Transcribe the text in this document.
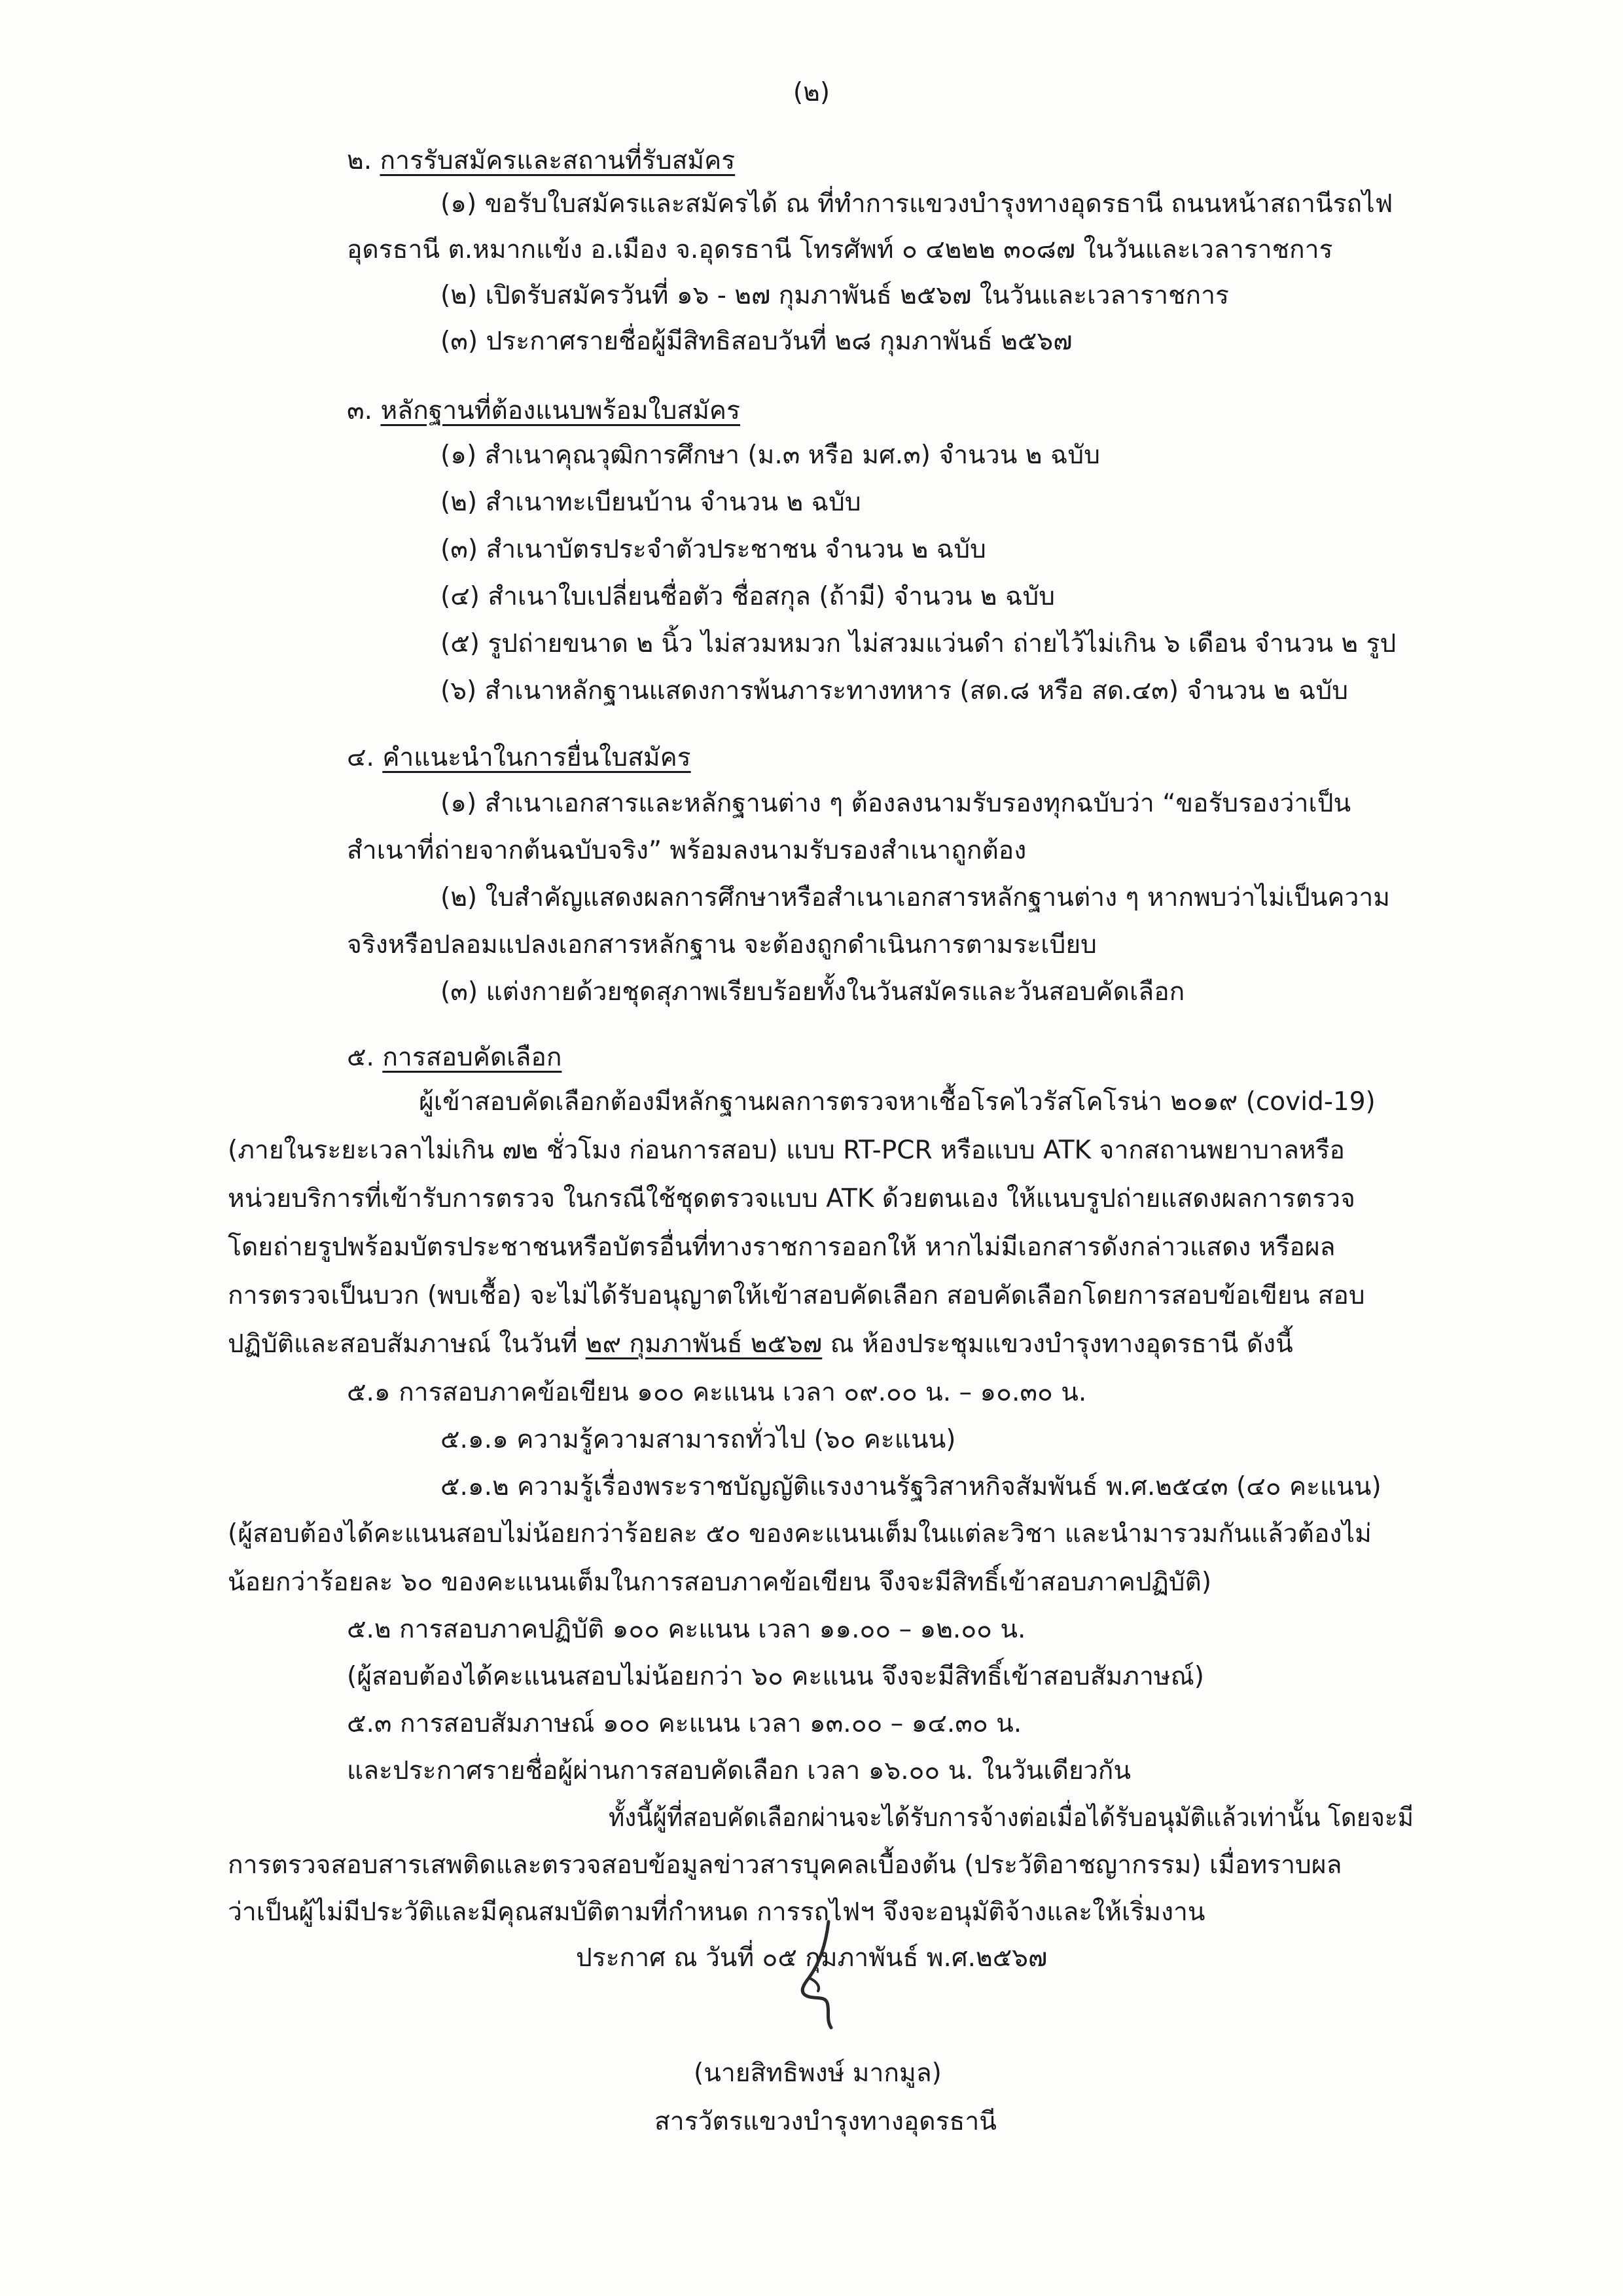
(๒)
๒. การรับสมัครและสถานที่รับสมัคร
(๑) ขอรับใบสมัครและสมัครได้ ณ ที่ทำการแขวงบำรุงทางอุดรธานี ถนนหน้าสถานีรถไฟ
อุดรธานี ต.หมากแข้ง อ.เมือง จ.อุดรธานี โทรศัพท์ ๐ ๔๒๒๒ ๓๐๘๗ ในวันและเวลาราชการ
(๒) เปิดรับสมัครวันที่ ๑๖ - ๒๗ กุมภาพันธ์ ๒๕๖๗ ในวันและเวลาราชการ
(๓) ประกาศรายชื่อผู้มีสิทธิสอบวันที่ ๒๘ กุมภาพันธ์ ๒๕๖๗
๓. หลักฐานที่ต้องแนบพร้อมใบสมัคร
(๑) สำเนาคุณวุฒิการศึกษา (ม.๓ หรือ มศ.๓) จำนวน ๒ ฉบับ
(๒) สำเนาทะเบียนบ้าน จำนวน ๒ ฉบับ
(๓) สำเนาบัตรประจำตัวประชาชน จำนวน ๒ ฉบับ
(๔) สำเนาใบเปลี่ยนชื่อตัว ชื่อสกุล (ถ้ามี) จำนวน ๒ ฉบับ
(๕) รูปถ่ายขนาด ๒ นิ้ว ไม่สวมหมวก ไม่สวมแว่นดำ ถ่ายไว้ไม่เกิน ๖ เดือน จำนวน ๒ รูป
(๖) สำเนาหลักฐานแสดงการพ้นภาระทางทหาร (สด.๘ หรือ สด.๔๓) จำนวน ๒ ฉบับ
๔. คำแนะนำในการยื่นใบสมัคร
(๑) สำเนาเอกสารและหลักฐานต่าง ๆ ต้องลงนามรับรองทุกฉบับว่า “ขอรับรองว่าเป็น
สำเนาที่ถ่ายจากต้นฉบับจริง” พร้อมลงนามรับรองสำเนาถูกต้อง
(๒) ใบสำคัญแสดงผลการศึกษาหรือสำเนาเอกสารหลักฐานต่าง ๆ หากพบว่าไม่เป็นความ
จริงหรือปลอมแปลงเอกสารหลักฐาน จะต้องถูกดำเนินการตามระเบียบ
(๓) แต่งกายด้วยชุดสุภาพเรียบร้อยทั้งในวันสมัครและวันสอบคัดเลือก
๕. การสอบคัดเลือก
ผู้เข้าสอบคัดเลือกต้องมีหลักฐานผลการตรวจหาเชื้อโรคไวรัสโคโรน่า ๒๐๑๙ (covid-19)
(ภายในระยะเวลาไม่เกิน ๗๒ ชั่วโมง ก่อนการสอบ) แบบ RT-PCR หรือแบบ ATK จากสถานพยาบาลหรือ
หน่วยบริการที่เข้ารับการตรวจ ในกรณีใช้ชุดตรวจแบบ ATK ด้วยตนเอง ให้แนบรูปถ่ายแสดงผลการตรวจ
โดยถ่ายรูปพร้อมบัตรประชาชนหรือบัตรอื่นที่ทางราชการออกให้ หากไม่มีเอกสารดังกล่าวแสดง หรือผล
การตรวจเป็นบวก (พบเชื้อ) จะไม่ได้รับอนุญาตให้เข้าสอบคัดเลือก สอบคัดเลือกโดยการสอบข้อเขียน สอบ
ปฏิบัติและสอบสัมภาษณ์ ในวันที่ ๒๙ กุมภาพันธ์ ๒๕๖๗ ณ ห้องประชุมแขวงบำรุงทางอุดรธานี ดังนี้
๕.๑ การสอบภาคข้อเขียน ๑๐๐ คะแนน เวลา ๐๙.๐๐ น. – ๑๐.๓๐ น.
๕.๑.๑ ความรู้ความสามารถทั่วไป (๖๐ คะแนน)
๕.๑.๒ ความรู้เรื่องพระราชบัญญัติแรงงานรัฐวิสาหกิจสัมพันธ์ พ.ศ.๒๕๔๓ (๔๐ คะแนน)
(ผู้สอบต้องได้คะแนนสอบไม่น้อยกว่าร้อยละ ๕๐ ของคะแนนเต็มในแต่ละวิชา และนำมารวมกันแล้วต้องไม่
น้อยกว่าร้อยละ ๖๐ ของคะแนนเต็มในการสอบภาคข้อเขียน จึงจะมีสิทธิ์เข้าสอบภาคปฏิบัติ)
๕.๒ การสอบภาคปฏิบัติ ๑๐๐ คะแนน เวลา ๑๑.๐๐ – ๑๒.๐๐ น.
(ผู้สอบต้องได้คะแนนสอบไม่น้อยกว่า ๖๐ คะแนน จึงจะมีสิทธิ์เข้าสอบสัมภาษณ์)
๕.๓ การสอบสัมภาษณ์ ๑๐๐ คะแนน เวลา ๑๓.๐๐ – ๑๔.๓๐ น.
และประกาศรายชื่อผู้ผ่านการสอบคัดเลือก เวลา ๑๖.๐๐ น. ในวันเดียวกัน
ทั้งนี้ผู้ที่สอบคัดเลือกผ่านจะได้รับการจ้างต่อเมื่อได้รับอนุมัติแล้วเท่านั้น โดยจะมี
การตรวจสอบสารเสพติดและตรวจสอบข้อมูลข่าวสารบุคคลเบื้องต้น (ประวัติอาชญากรรม) เมื่อทราบผล
ว่าเป็นผู้ไม่มีประวัติและมีคุณสมบัติตามที่กำหนด การรถไฟฯ จึงจะอนุมัติจ้างและให้เริ่มงาน
ประกาศ ณ วันที่ ๐๕ กุมภาพันธ์ พ.ศ.๒๕๖๗
(นายสิทธิพงษ์ มากมูล)
สารวัตรแขวงบำรุงทางอุดรธานี
